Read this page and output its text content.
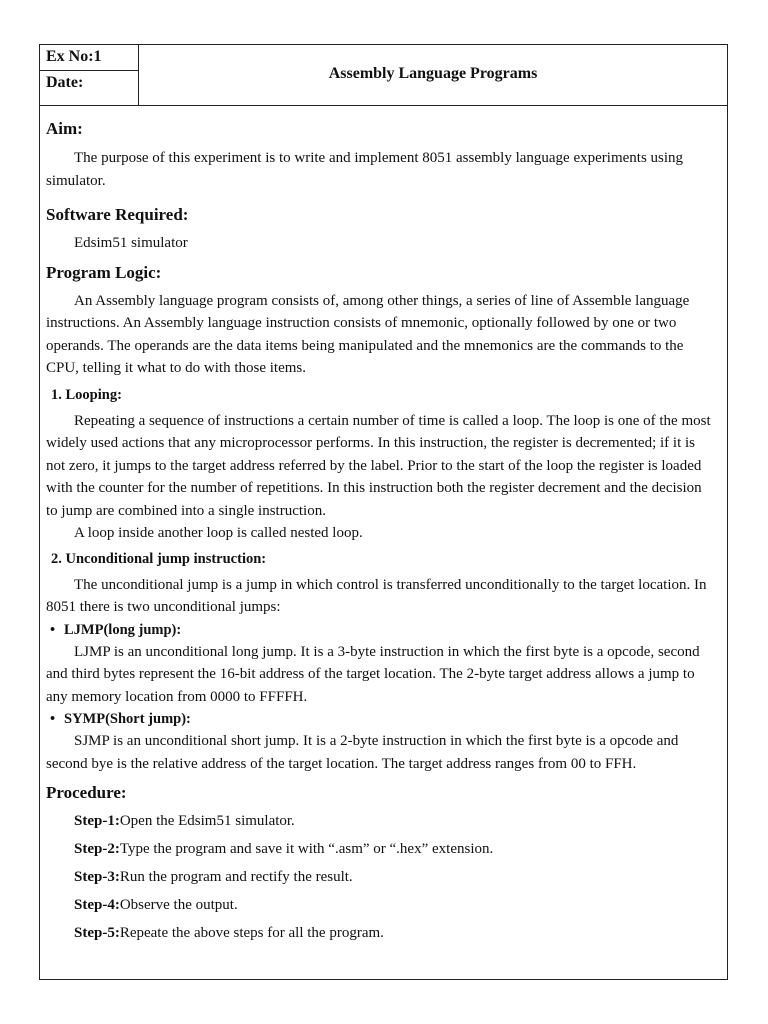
Ex No:1
Date:
Assembly Language Programs
Aim:

The purpose of this experiment is to write and implement 8051 assembly language experiments using simulator.

Software Required:

Edsim51 simulator

Program Logic:

An Assembly language program consists of, among other things, a series of line of Assemble language instructions. An Assembly language instruction consists of mnemonic, optionally followed by one or two operands. The operands are the data items being manipulated and the mnemonics are the commands to the CPU, telling it what to do with those items.

1. Looping:

Repeating a sequence of instructions a certain number of time is called a loop. The loop is one of the most widely used actions that any microprocessor performs. In this instruction, the register is decremented; if it is not zero, it jumps to the target address referred by the label. Prior to the start of the loop the register is loaded with the counter for the number of repetitions. In this instruction both the register decrement and the decision to jump are combined into a single instruction.

A loop inside another loop is called nested loop.

2. Unconditional jump instruction:

The unconditional jump is a jump in which control is transferred unconditionally to the target location. In 8051 there is two unconditional jumps:

• LJMP(long jump):

LJMP is an unconditional long jump. It is a 3-byte instruction in which the first byte is a opcode, second and third bytes represent the 16-bit address of the target location. The 2-byte target address allows a jump to any memory location from 0000 to FFFFH.

• SYMP(Short jump):

SJMP is an unconditional short jump. It is a 2-byte instruction in which the first byte is a opcode and second bye is the relative address of the target location. The target address ranges from 00 to FFH.

Procedure:
Step-1:Open the Edsim51 simulator.
Step-2:Type the program and save it with “.asm” or “.hex” extension.
Step-3:Run the program and rectify the result.
Step-4:Observe the output.
Step-5:Repeate the above steps for all the program.
